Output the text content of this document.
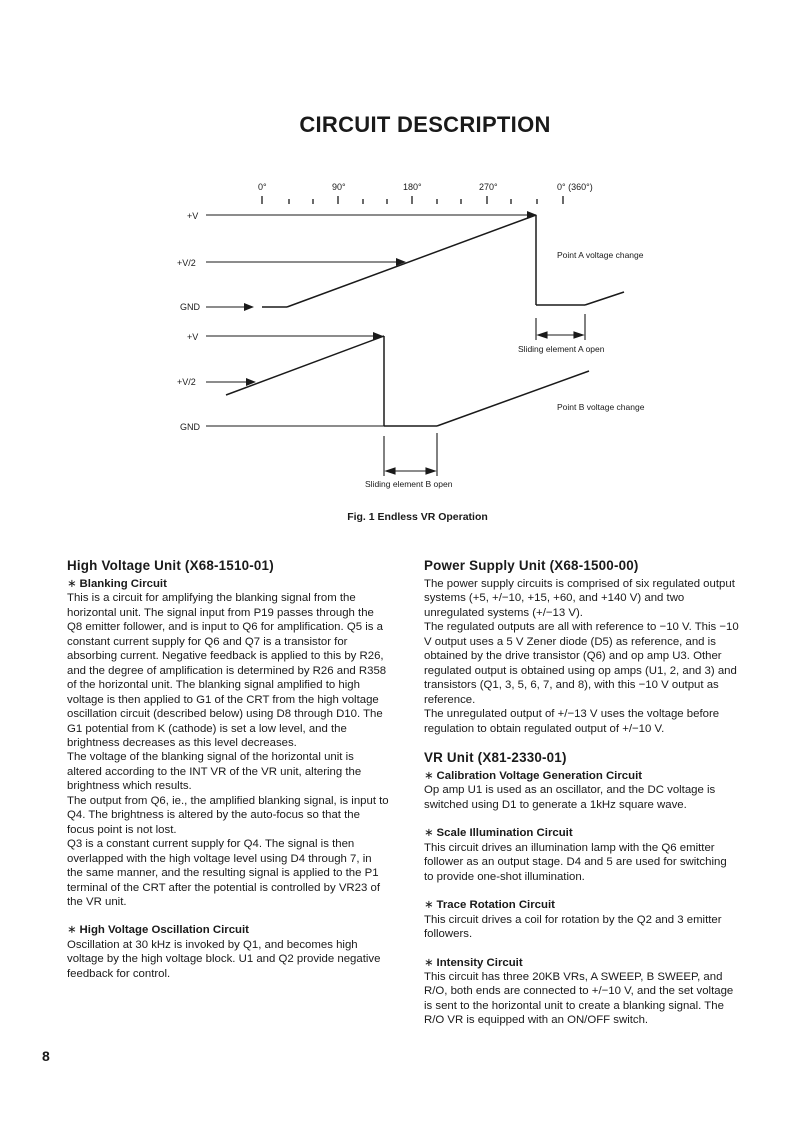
CIRCUIT DESCRIPTION
0°	90°	180°	270°	0° (360°)
+V
+V/2
GND
Point A voltage change
Sliding element A open
+V
+V/2
GND
Point B voltage change
Sliding element B open
Fig. 1 Endless VR Operation
High Voltage Unit (X68-1510-01)
∗ Blanking Circuit

This is a circuit for amplifying the blanking signal from the horizontal unit. The signal input from P19 passes through the Q8 emitter follower, and is input to Q6 for amplification. Q5 is a constant current supply for Q6 and Q7 is a transistor for absorbing current. Negative feedback is applied to this by R26, and the degree of amplification is determined by R26 and R358 of the horizontal unit. The blanking signal amplified to high voltage is then applied to G1 of the CRT from the high voltage oscillation circuit (described below) using D8 through D10. The G1 potential from K (cathode) is set a low level, and the brightness decreases as this level decreases.

The voltage of the blanking signal of the horizontal unit is altered according to the INT VR of the VR unit, altering the brightness which results.

The output from Q6, ie., the amplified blanking signal, is input to Q4. The brightness is altered by the auto-focus so that the focus point is not lost.

Q3 is a constant current supply for Q4. The signal is then overlapped with the high voltage level using D4 through 7, in the same manner, and the resulting signal is applied to the P1 terminal of the CRT after the potential is controlled by VR23 of the VR unit.

∗ High Voltage Oscillation Circuit

Oscillation at 30 kHz is invoked by Q1, and becomes high voltage by the high voltage block. U1 and Q2 provide negative feedback for control.

Power Supply Unit (X68-1500-00)

The power supply circuits is comprised of six regulated output systems (+5, +/−10, +15, +60, and +140 V) and two unregulated systems (+/−13 V).

The regulated outputs are all with reference to −10 V. This −10 V output uses a 5 V Zener diode (D5) as reference, and is obtained by the drive transistor (Q6) and op amp U3. Other regulated output is obtained using op amps (U1, 2, and 3) and transistors (Q1, 3, 5, 6, 7, and 8), with this −10 V output as reference.

The unregulated output of +/−13 V uses the voltage before regulation to obtain regulated output of +/−10 V.

VR Unit (X81-2330-01)
∗ Calibration Voltage Generation Circuit

Op amp U1 is used as an oscillator, and the DC voltage is switched using D1 to generate a 1kHz square wave.

∗ Scale Illumination Circuit

This circuit drives an illumination lamp with the Q6 emitter follower as an output stage. D4 and 5 are used for switching to provide one-shot illumination.

∗ Trace Rotation Circuit

This circuit drives a coil for rotation by the Q2 and 3 emitter followers.

∗ Intensity Circuit

This circuit has three 20KB VRs, A SWEEP, B SWEEP, and R/O, both ends are connected to +/−10 V, and the set voltage is sent to the horizontal unit to create a blanking signal. The R/O VR is equipped with an ON/OFF switch.

8
